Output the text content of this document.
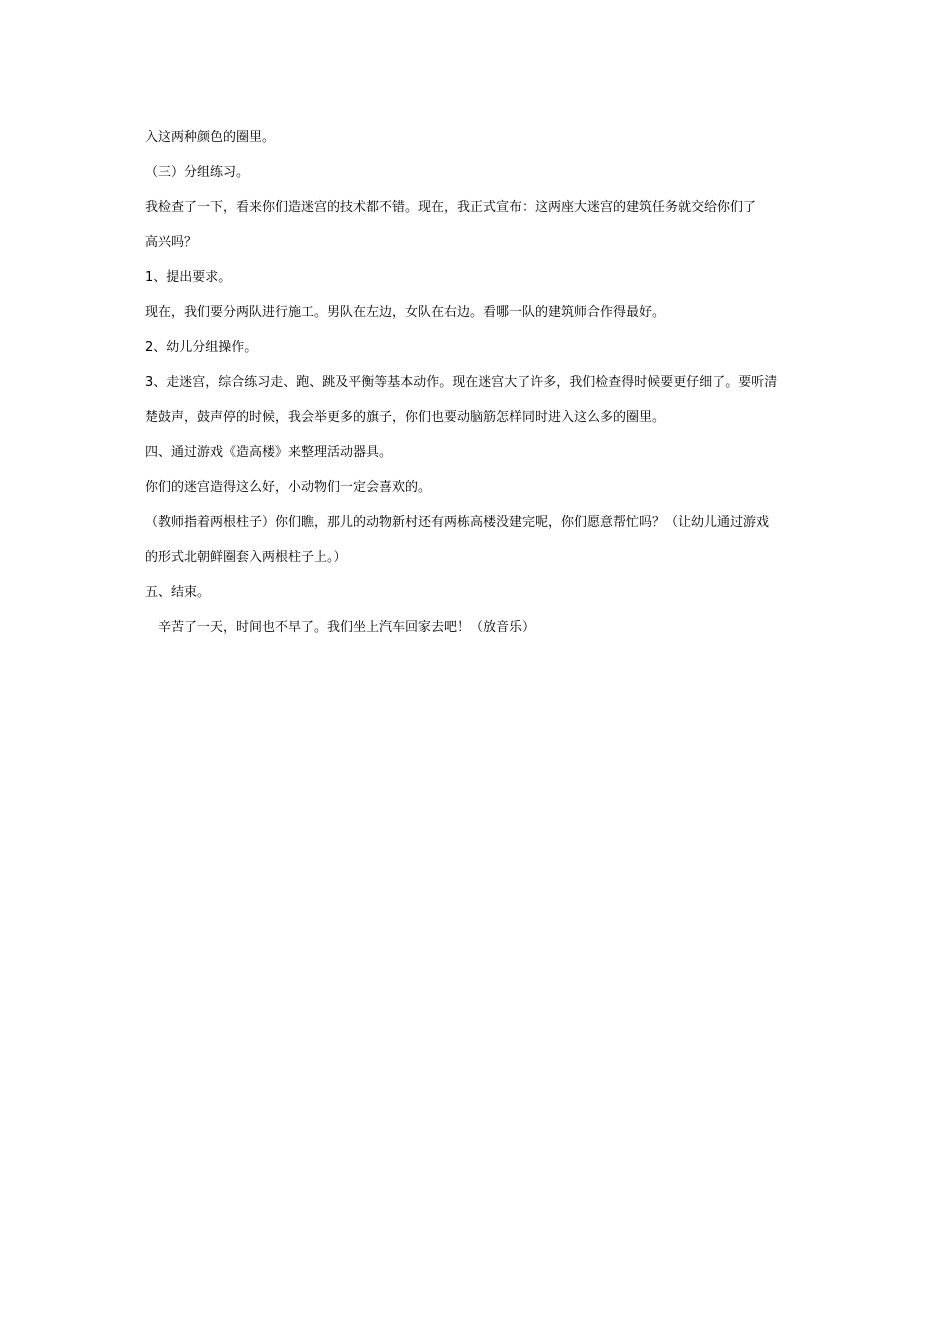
入这两种颜色的圈里。
（三）分组练习。
我检查了一下，看来你们造迷宫的技术都不错。现在，我正式宣布：这两座大迷宫的建筑任务就交给你们了
高兴吗？
1、提出要求。
现在，我们要分两队进行施工。男队在左边，女队在右边。看哪一队的建筑师合作得最好。
2、幼儿分组操作。
3、走迷宫，综合练习走、跑、跳及平衡等基本动作。现在迷宫大了许多，我们检查得时候要更仔细了。要听清
楚鼓声，鼓声停的时候，我会举更多的旗子，你们也要动脑筋怎样同时进入这么多的圈里。
四、通过游戏《造高楼》来整理活动器具。
你们的迷宫造得这么好，小动物们一定会喜欢的。
（教师指着两根柱子）你们瞧，那儿的动物新村还有两栋高楼没建完呢，你们愿意帮忙吗？（让幼儿通过游戏
的形式北朝鲜圈套入两根柱子上。）
五、结束。
辛苦了一天，时间也不早了。我们坐上汽车回家去吧！（放音乐）
